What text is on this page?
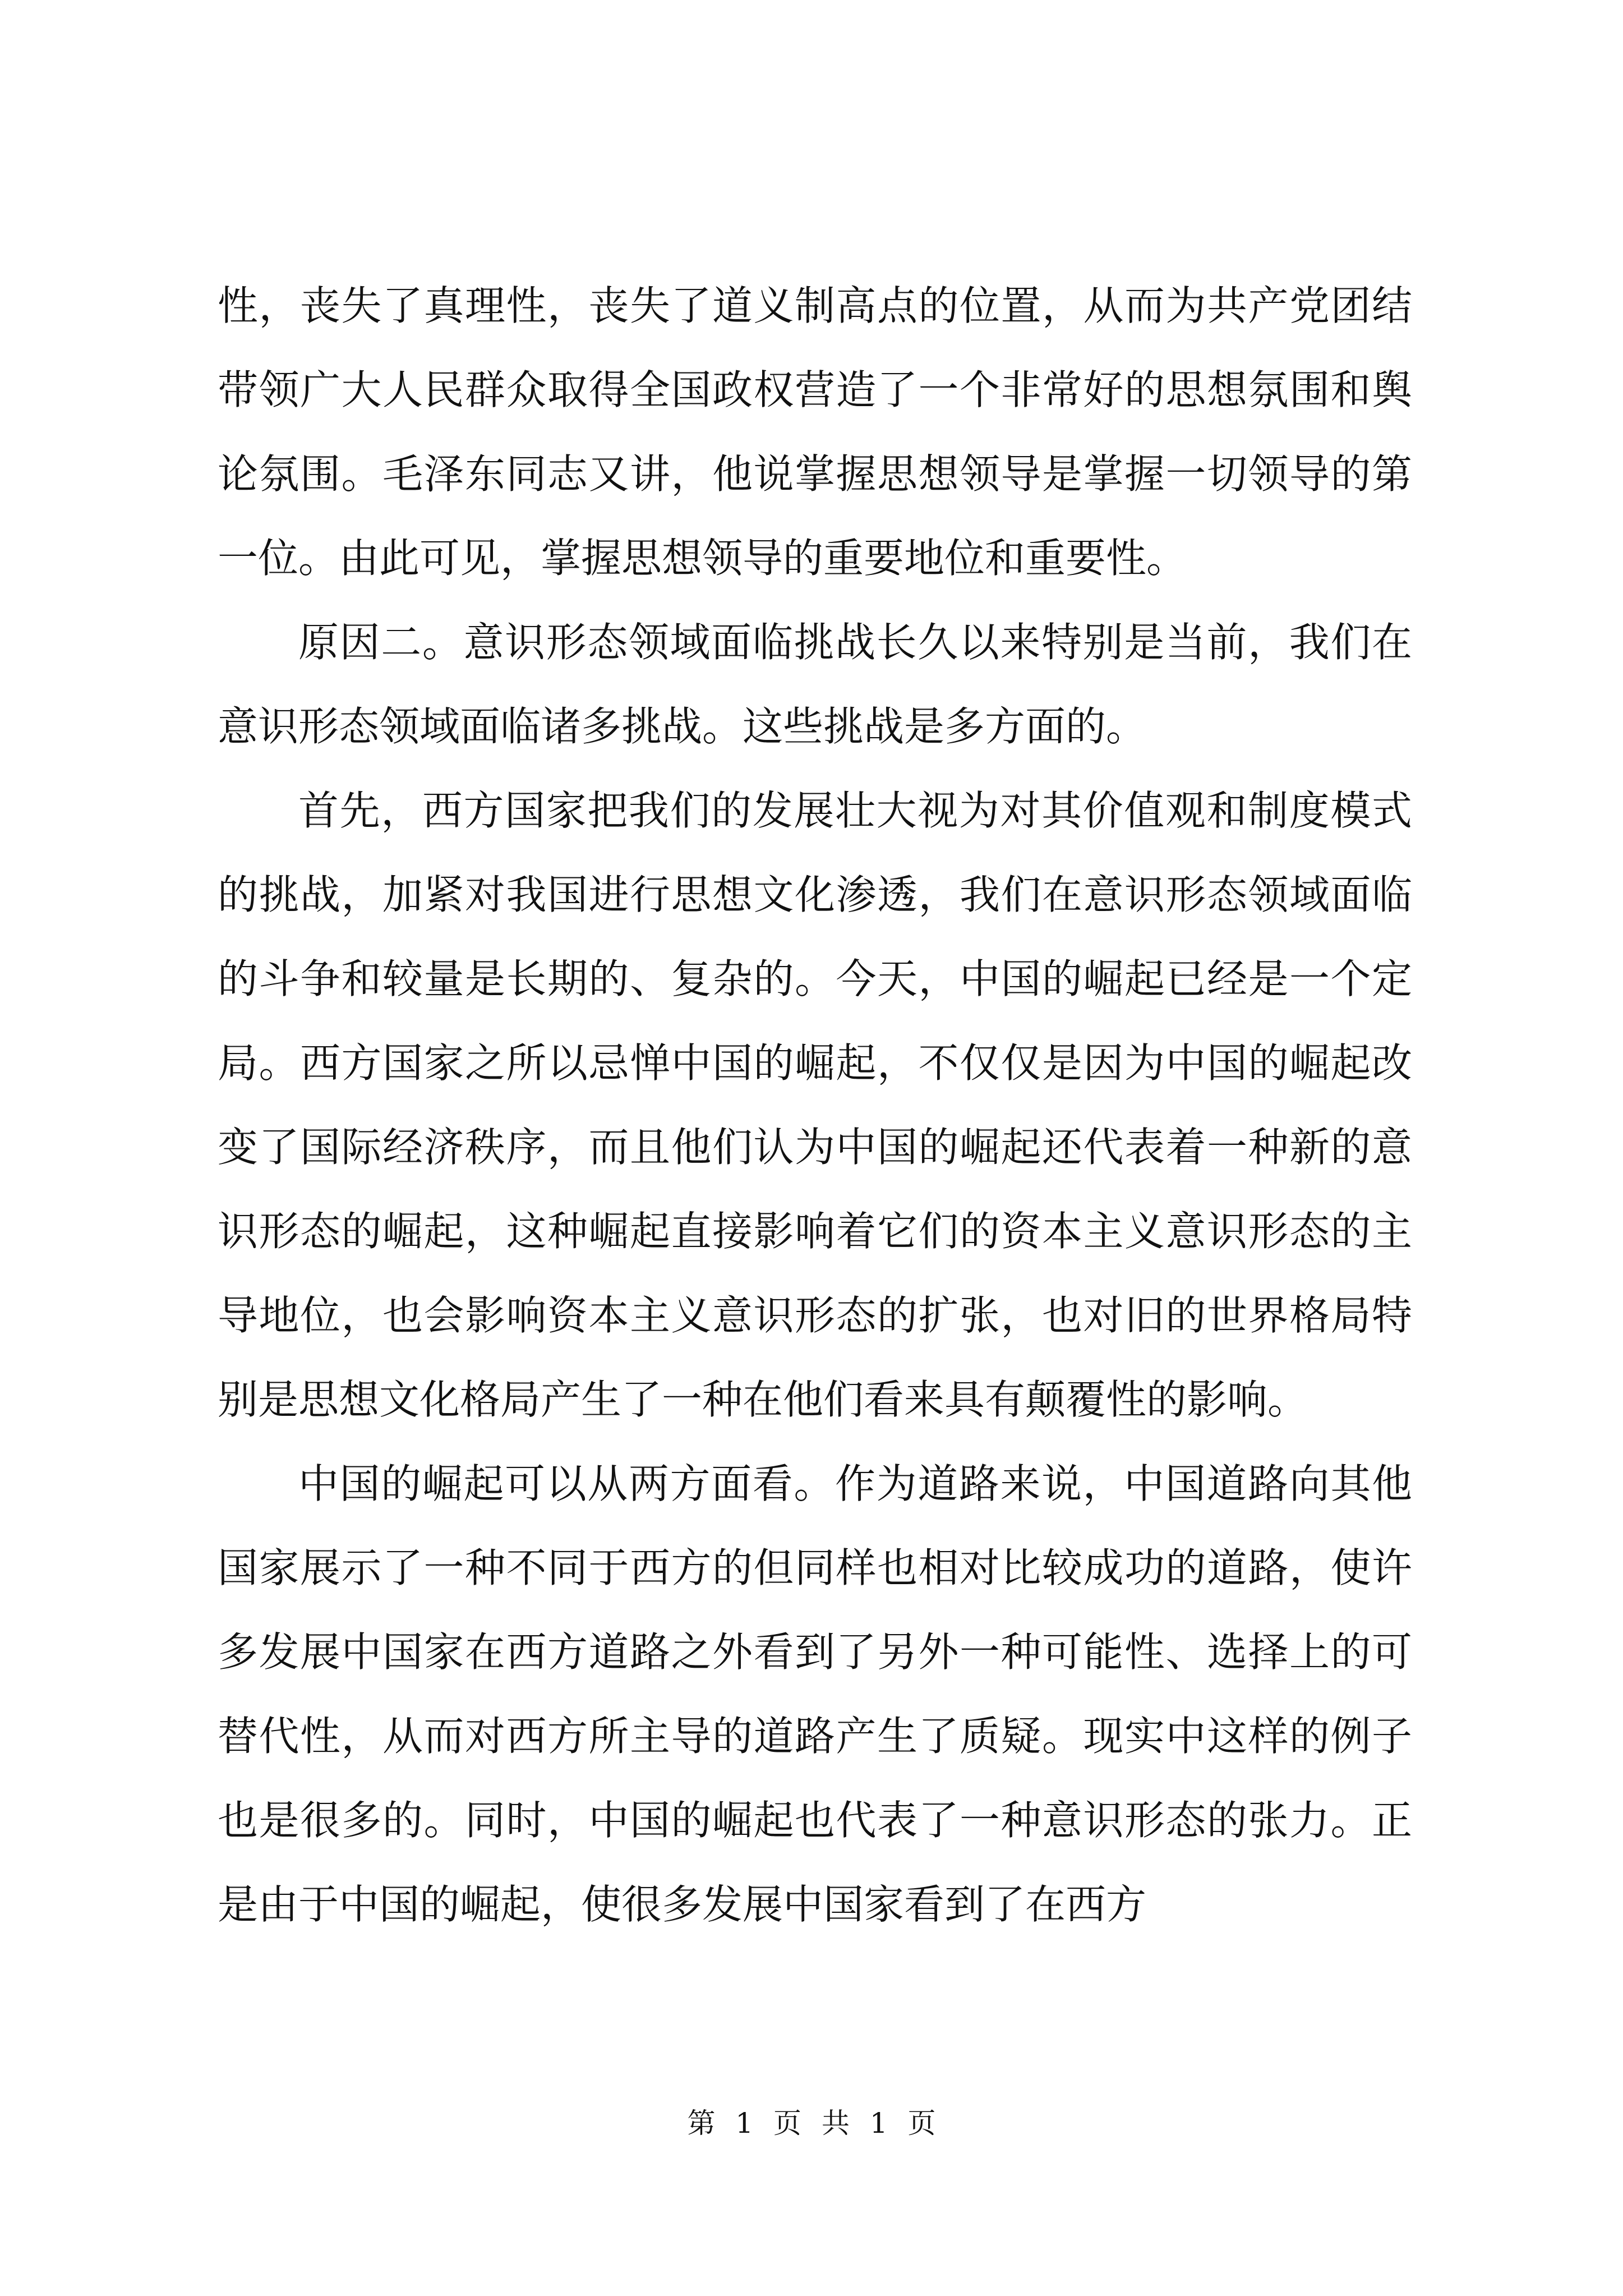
性，丧失了真理性，丧失了道义制高点的位置，从而为共产党团结带领广大人民群众取得全国政权营造了一个非常好的思想氛围和舆论氛围。毛泽东同志又讲，他说掌握思想领导是掌握一切领导的第一位。由此可见，掌握思想领导的重要地位和重要性。

原因二。意识形态领域面临挑战长久以来特别是当前，我们在意识形态领域面临诸多挑战。这些挑战是多方面的。

首先，西方国家把我们的发展壮大视为对其价值观和制度模式的挑战，加紧对我国进行思想文化渗透，我们在意识形态领域面临的斗争和较量是长期的、复杂的。今天，中国的崛起已经是一个定局。西方国家之所以忌惮中国的崛起，不仅仅是因为中国的崛起改变了国际经济秩序，而且他们认为中国的崛起还代表着一种新的意识形态的崛起，这种崛起直接影响着它们的资本主义意识形态的主导地位，也会影响资本主义意识形态的扩张，也对旧的世界格局特别是思想文化格局产生了一种在他们看来具有颠覆性的影响。

中国的崛起可以从两方面看。作为道路来说，中国道路向其他国家展示了一种不同于西方的但同样也相对比较成功的道路，使许多发展中国家在西方道路之外看到了另外一种可能性、选择上的可替代性，从而对西方所主导的道路产生了质疑。现实中这样的例子也是很多的。同时，中国的崛起也代表了一种意识形态的张力。正是由于中国的崛起，使很多发展中国家看到了在西方

第 1 页 共 1 页
